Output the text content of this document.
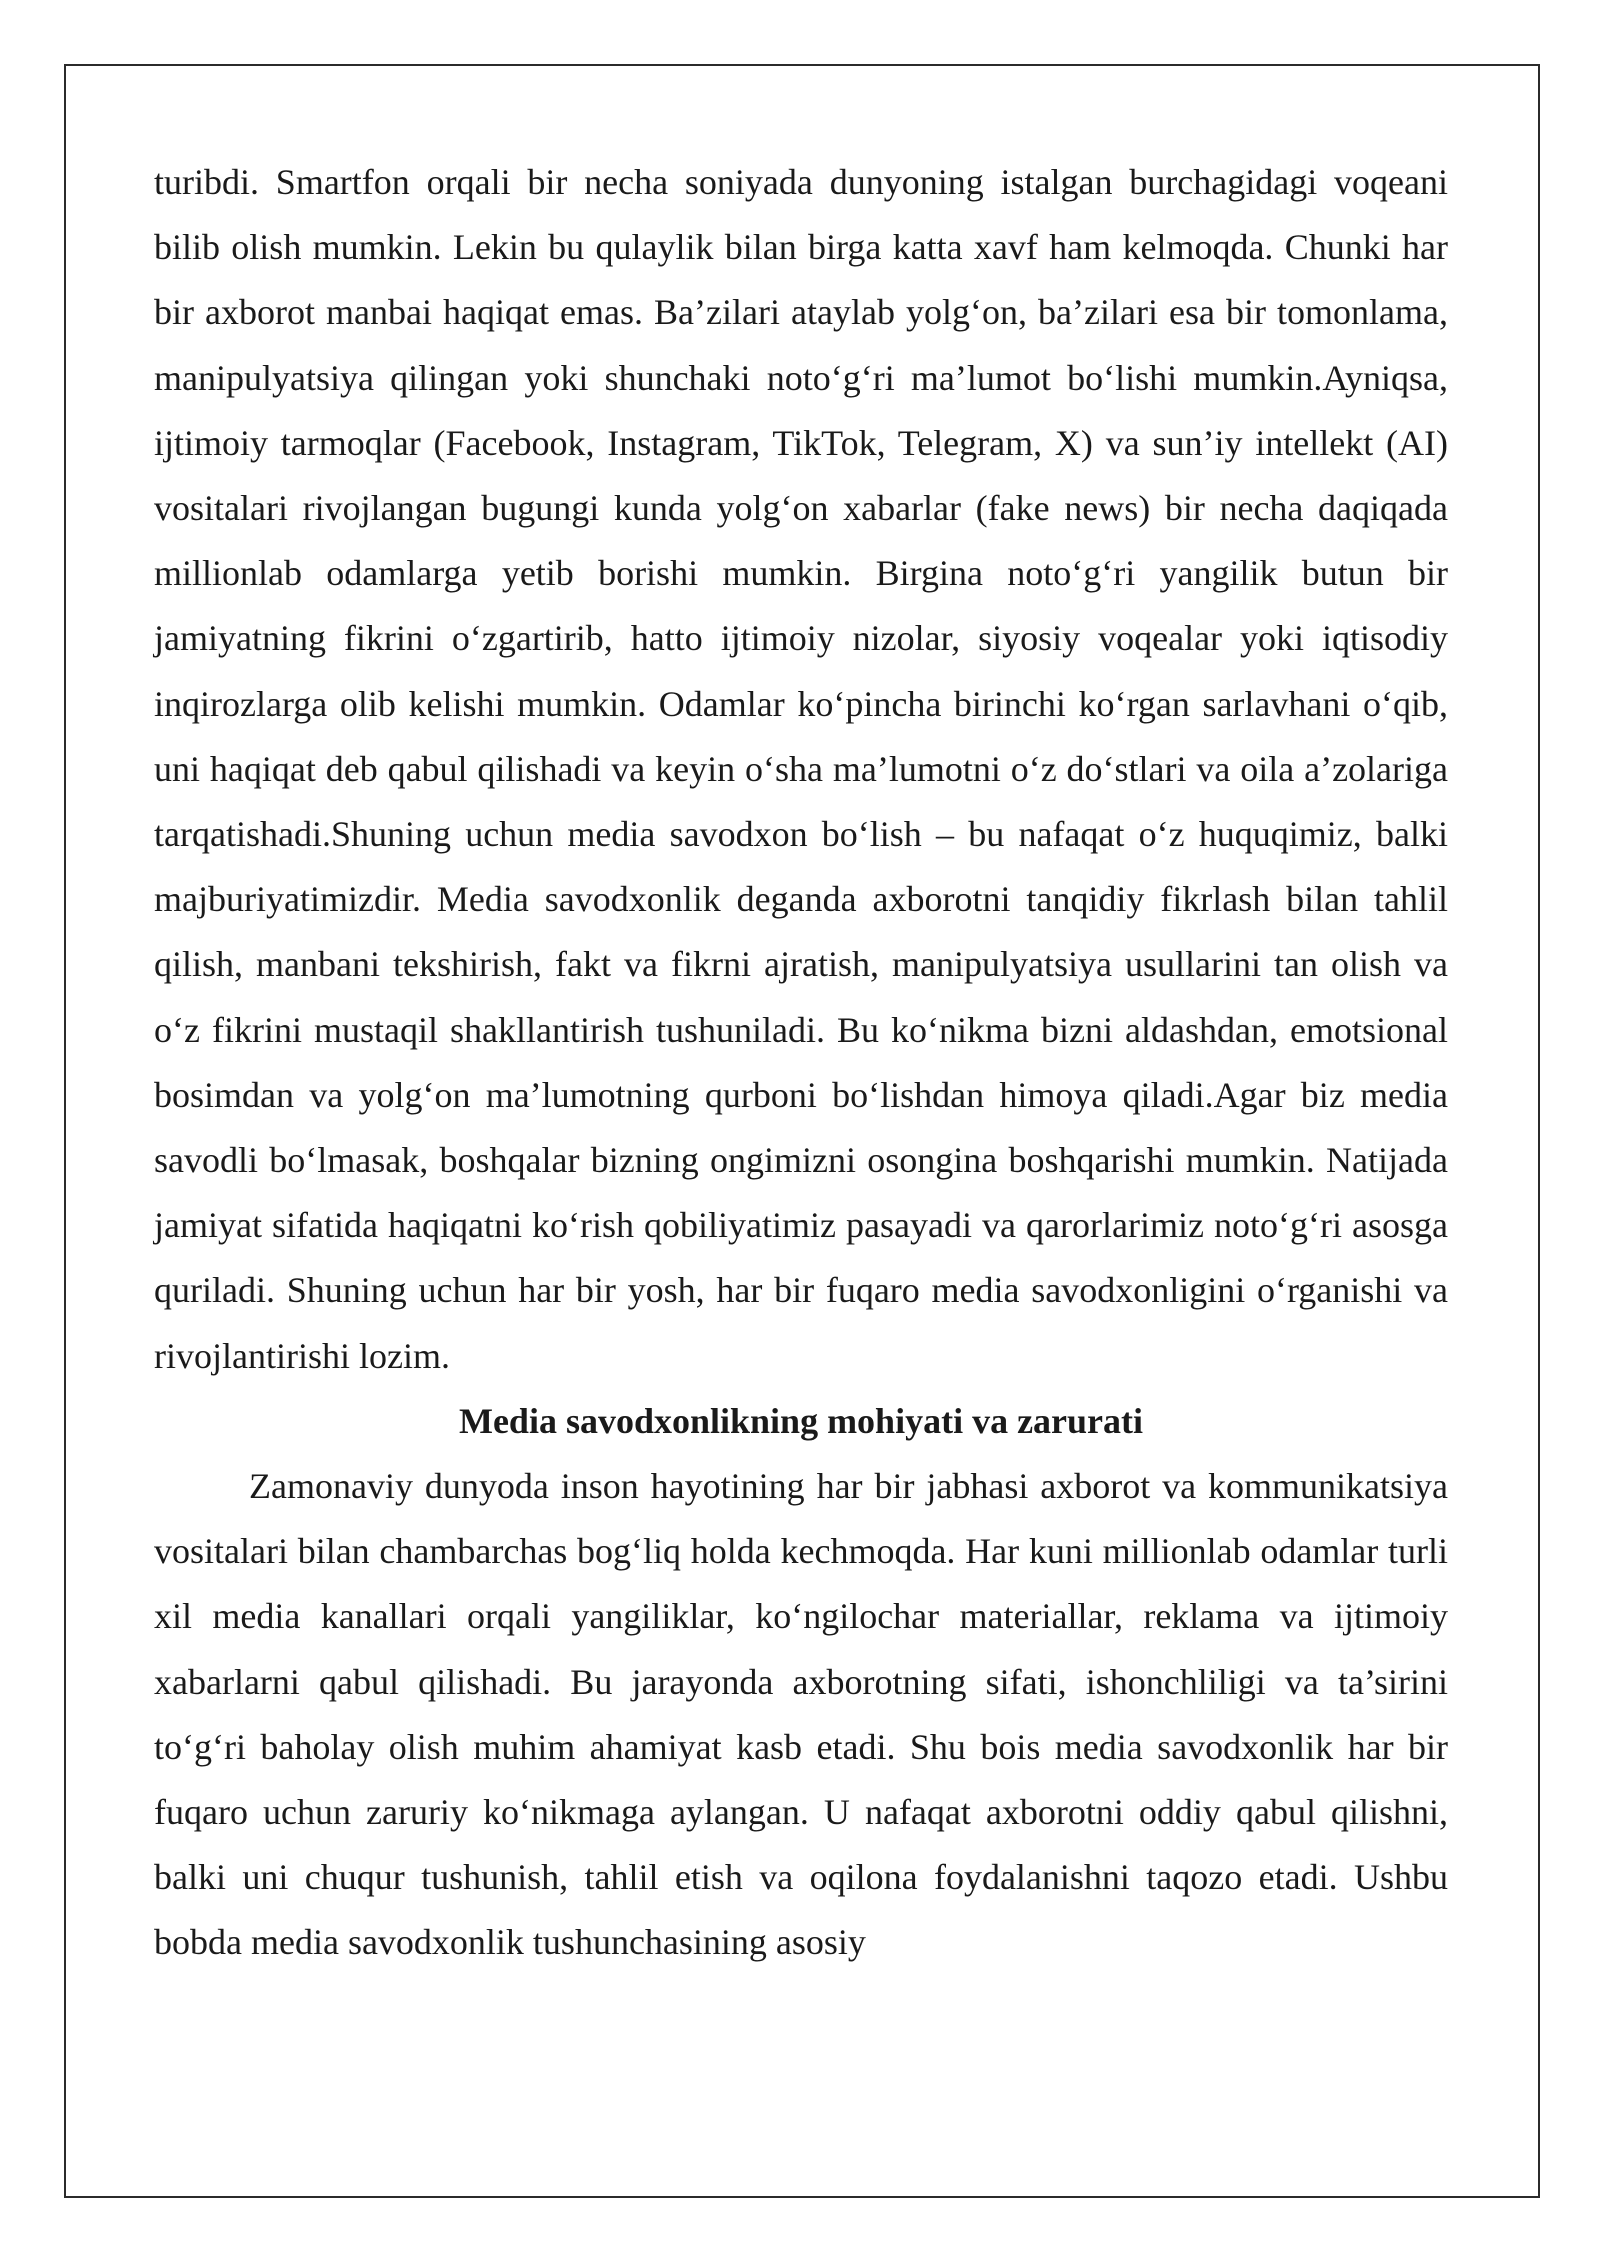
turibdi. Smartfon orqali bir necha soniyada dunyoning istalgan burchagidagi voqeani bilib olish mumkin. Lekin bu qulaylik bilan birga katta xavf ham kelmoqda. Chunki har bir axborot manbai haqiqat emas. Ba’zilari ataylab yolg‘on, ba’zilari esa bir tomonlama, manipulyatsiya qilingan yoki shunchaki noto‘g‘ri ma’lumot bo‘lishi mumkin.Ayniqsa, ijtimoiy tarmoqlar (Facebook, Instagram, TikTok, Telegram, X) va sun’iy intellekt (AI) vositalari rivojlangan bugungi kunda yolg‘on xabarlar (fake news) bir necha daqiqada millionlab odamlarga yetib borishi mumkin. Birgina noto‘g‘ri yangilik butun bir jamiyatning fikrini o‘zgartirib, hatto ijtimoiy nizolar, siyosiy voqealar yoki iqtisodiy inqirozlarga olib kelishi mumkin. Odamlar ko‘pincha birinchi ko‘rgan sarlavhani o‘qib, uni haqiqat deb qabul qilishadi va keyin o‘sha ma’lumotni o‘z do‘stlari va oila a’zolariga tarqatishadi.Shuning uchun media savodxon bo‘lish – bu nafaqat o‘z huquqimiz, balki majburiyatimizdir. Media savodxonlik deganda axborotni tanqidiy fikrlash bilan tahlil qilish, manbani tekshirish, fakt va fikrni ajratish, manipulyatsiya usullarini tan olish va o‘z fikrini mustaqil shakllantirish tushuniladi. Bu ko‘nikma bizni aldashdan, emotsional bosimdan va yolg‘on ma’lumotning qurboni bo‘lishdan himoya qiladi.Agar biz media savodli bo‘lmasak, boshqalar bizning ongimizni osongina boshqarishi mumkin. Natijada jamiyat sifatida haqiqatni ko‘rish qobiliyatimiz pasayadi va qarorlarimiz noto‘g‘ri asosga quriladi. Shuning uchun har bir yosh, har bir fuqaro media savodxonligini o‘rganishi va rivojlantirishi lozim.

Media savodxonlikning mohiyati va zarurati

Zamonaviy dunyoda inson hayotining har bir jabhasi axborot va kommunikatsiya vositalari bilan chambarchas bog‘liq holda kechmoqda. Har kuni millionlab odamlar turli xil media kanallari orqali yangiliklar, ko‘ngilochar materiallar, reklama va ijtimoiy xabarlarni qabul qilishadi. Bu jarayonda axborotning sifati, ishonchliligi va ta’sirini to‘g‘ri baholay olish muhim ahamiyat kasb etadi. Shu bois media savodxonlik har bir fuqaro uchun zaruriy ko‘nikmaga aylangan. U nafaqat axborotni oddiy qabul qilishni, balki uni chuqur tushunish, tahlil etish va oqilona foydalanishni taqozo etadi. Ushbu bobda media savodxonlik tushunchasining asosiy
